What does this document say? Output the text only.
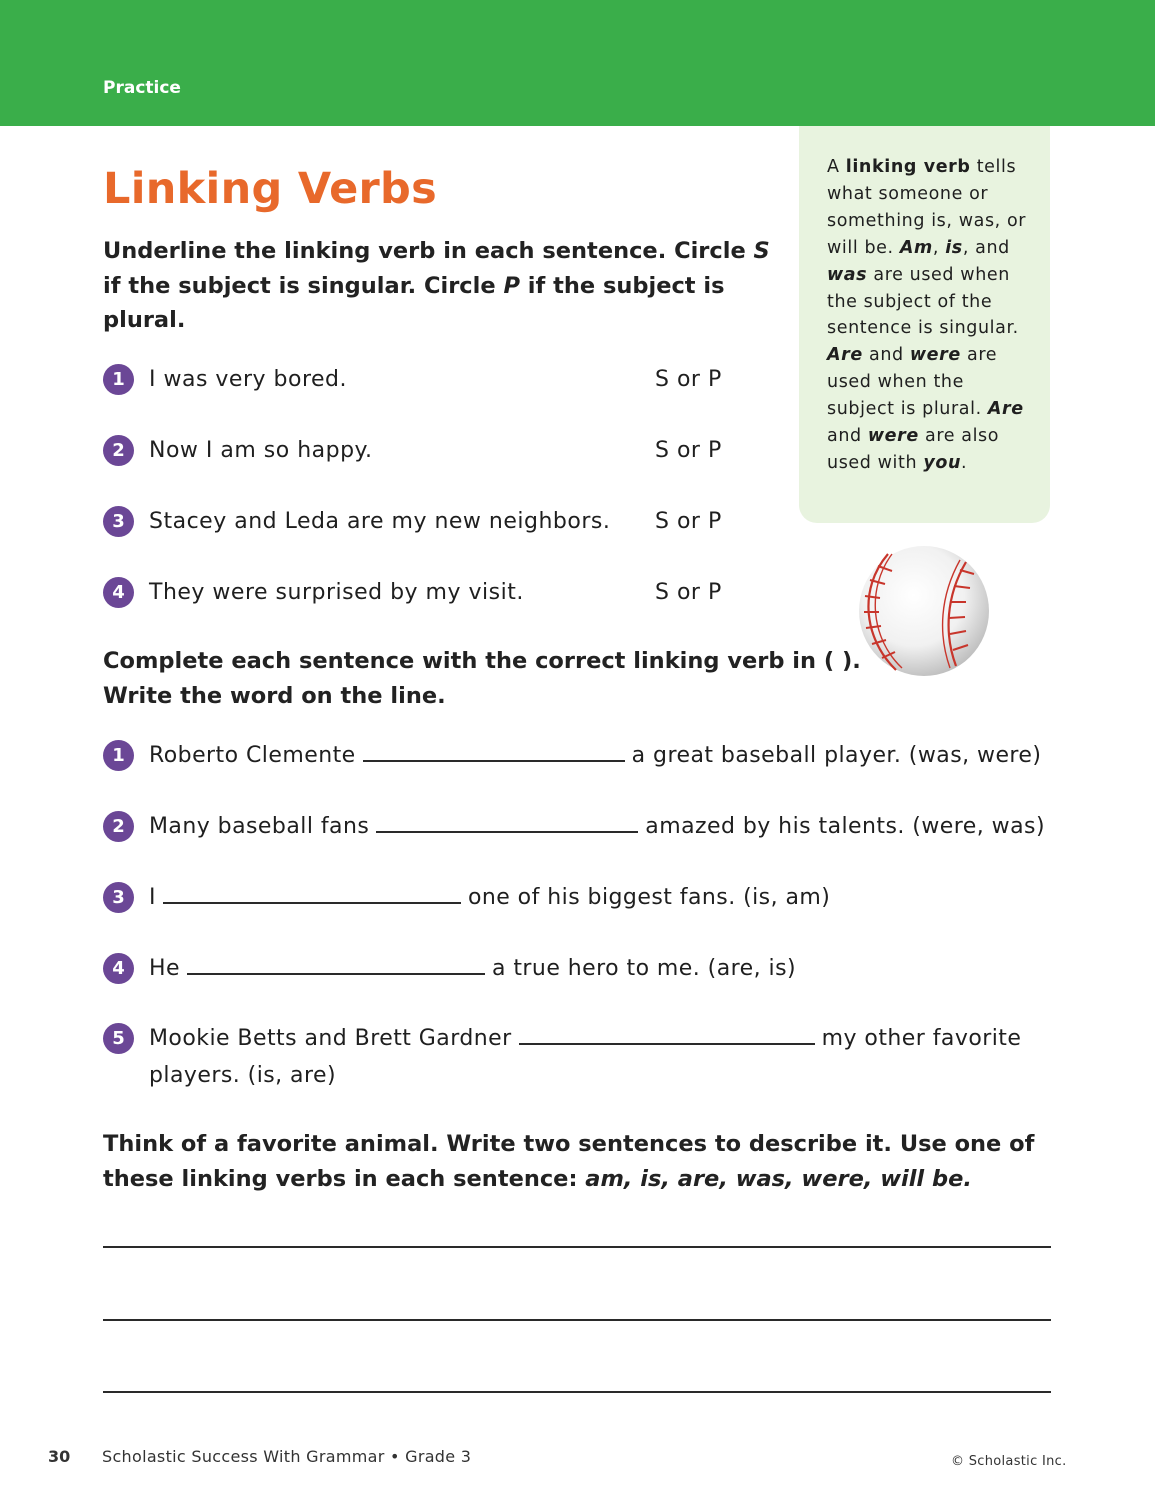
Practice
Linking Verbs	A linking verb tells what someone or something is, was, or will be. Am, is, and was are used when the subject of the sentence is singular. Are and were are used when the subject is plural. Are and were are also used with you.
Underline the linking verb in each sentence. Circle S if the subject is singular. Circle P if the subject is plural.
1	I was very bored.	S or P
2	Now I am so happy.	S or P
3	Stacey and Leda are my new neighbors. S or P
4	They were surprised by my visit.	S or P
Complete each sentence with the correct linking verb in ( ). Write the word on the line.
1	Roberto Clemente	a great baseball player. (was, were)
2	Many baseball fans	amazed by his talents. (were, was)
3	I	one of his biggest fans. (is, am)
4	He	a true hero to me. (are, is)
5	Mookie Betts and Brett Gardner	my other favorite
players. (is, are)
Think of a favorite animal. Write two sentences to describe it. Use one of these linking verbs in each sentence: am, is, are, was, were, will be.
30 Scholastic Success With Grammar • Grade 3	© Scholastic Inc.
